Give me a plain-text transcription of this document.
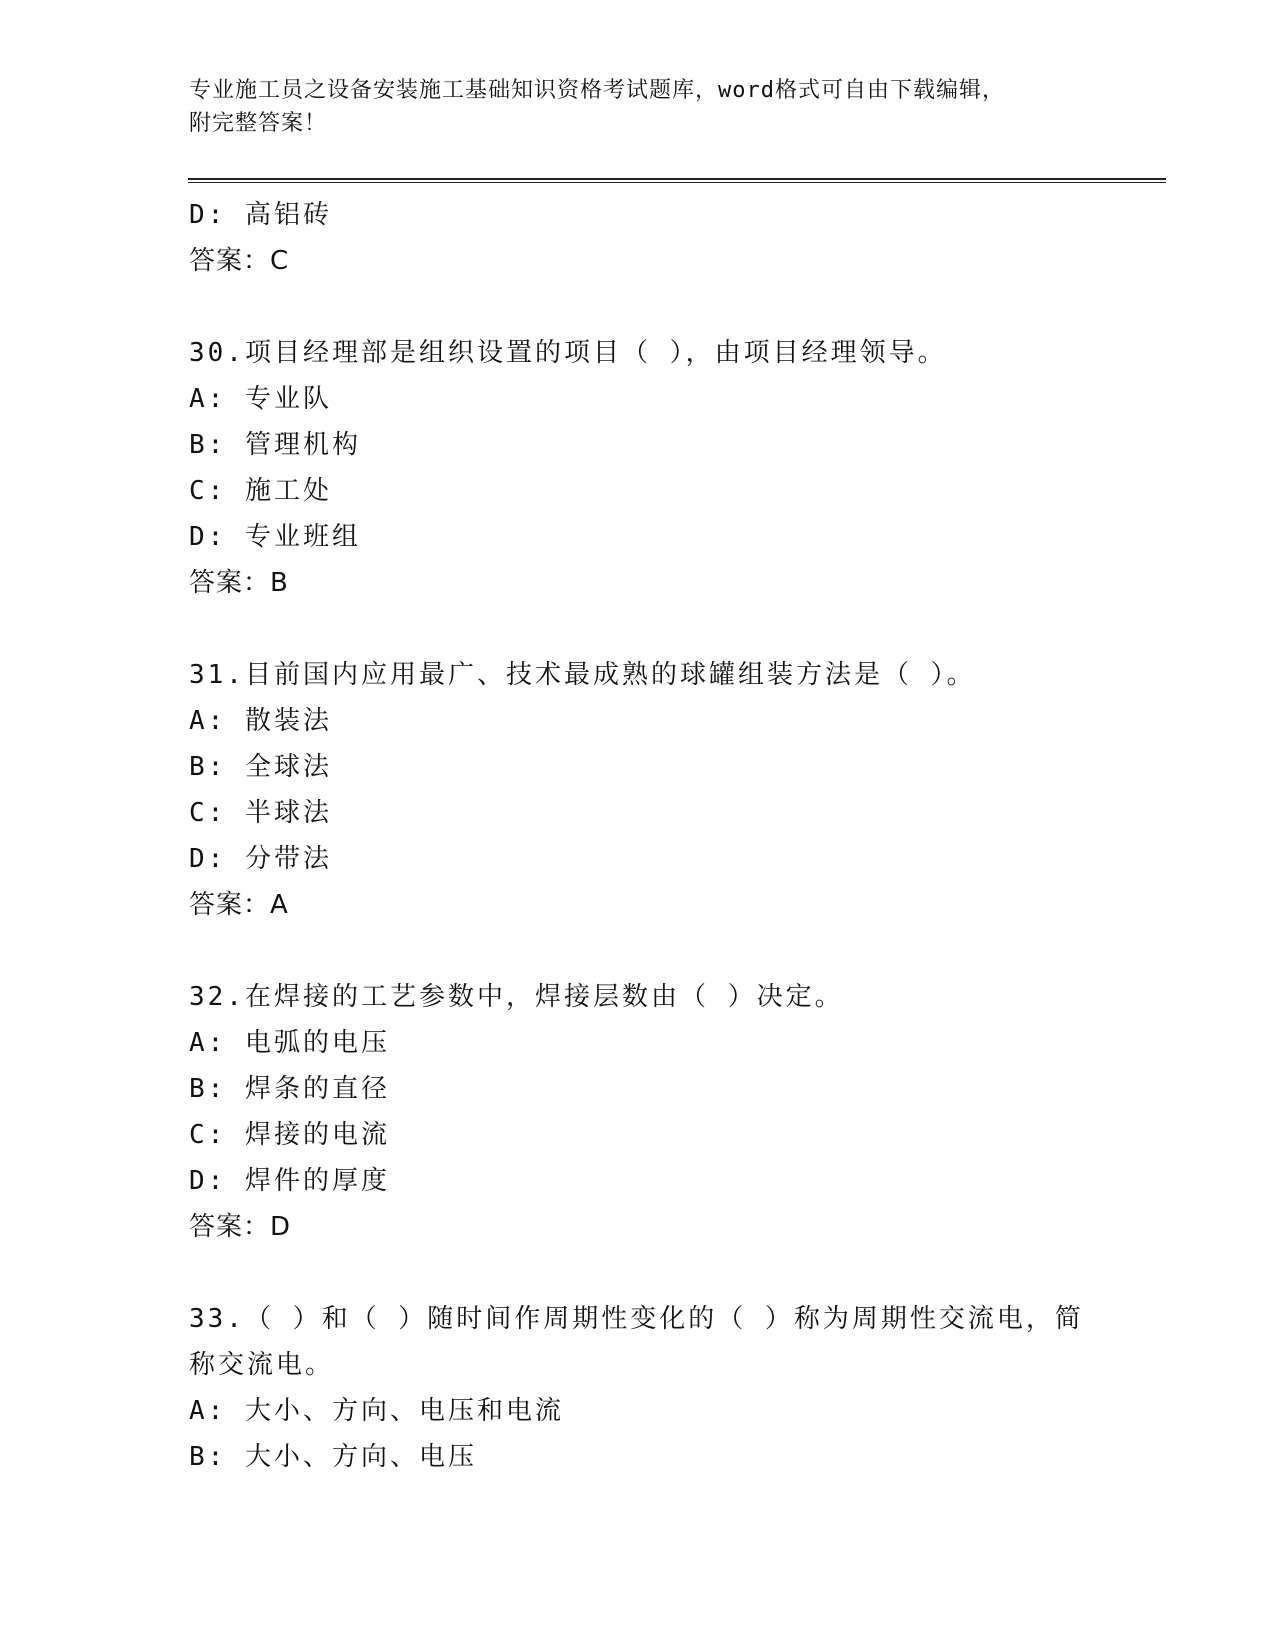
专业施工员之设备安装施工基础知识资格考试题库，word格式可自由下载编辑，
附完整答案！
D: 高铝砖
答案：C
30.项目经理部是组织设置的项目（ ），由项目经理领导。
A: 专业队
B: 管理机构
C: 施工处
D: 专业班组
答案：B
31.目前国内应用最广、技术最成熟的球罐组装方法是（ ）。
A: 散装法
B: 全球法
C: 半球法
D: 分带法
答案：A
32.在焊接的工艺参数中，焊接层数由（ ）决定。
A: 电弧的电压
B: 焊条的直径
C: 焊接的电流
D: 焊件的厚度
答案：D
33.（ ）和（ ）随时间作周期性变化的（ ）称为周期性交流电，简
称交流电。
A: 大小、方向、电压和电流
B: 大小、方向、电压
